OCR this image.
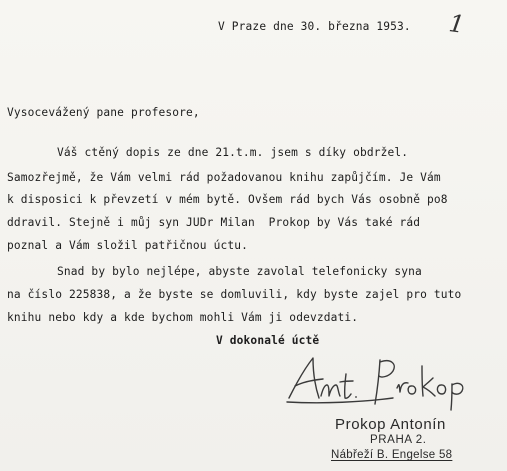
V Praze dne 30. března 1953. 1
Vysocevážený pane profesore,
Váš ctěný dopis ze dne 21.t.m. jsem s díky obdržel.
Samozřejmě, že Vám velmi rád požadovanou knihu zapůjčím. Je Vám
k disposici k převzetí v mém bytě. Ovšem rád bych Vás osobně po8
ddravil. Stejně i můj syn JUDr Milan  Prokop by Vás také rád
poznal a Vám složil patřičnou úctu.
Snad by bylo nejlépe, abyste zavolal telefonicky syna
na číslo 225838, a že byste se domluvili, kdy byste zajel pro tuto
knihu nebo kdy a kde bychom mohli Vám ji odevzdati.
V dokonalé úctě
Prokop Antonín
PRAHA 2.
Nábřeží B. Engelse 58
